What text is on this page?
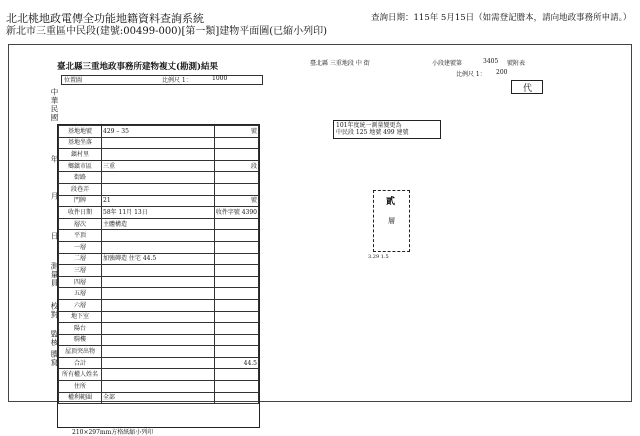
北北桃地政電傳全功能地籍資料查詢系統
新北市三重區中民段(建號:00499-000)[第一類]建物平面圖(已縮小列印)
查詢日期：115年 5月15日（如需登記謄本，請向地政事務所申請。）
中華民國
年
月
日
測量員
校對
監核
謄寫
臺北縣三重地政事務所建物複丈(勘測)結果
位置圖	比例尺 1：	1000
基地地號	429 – 35	號
基地坐落		
鎮村里		
鄉鎮市區	三重	段
街路		
段巷弄		
門牌	21	號
收件日期	58年 11月 13日	收件字號 4390
層次	主體構造	
平頂		
一層		
二層	加強磚造 住宅 44.5	
三層		
四層		
五層		
六層		
地下室		
陽台		
騎樓		
屋頂突出物		
合計		44.5
所有權人姓名		
住所		
權利範圍	全部	
210×297mm方格紙縮小列印
臺北縣 三重地段 中 街	小段建號第	3405 號附表
比例尺 1： 200
代
101年度統一測量變更為
中民段 125 地號 499 建號
貳
層
3.29 1.5
